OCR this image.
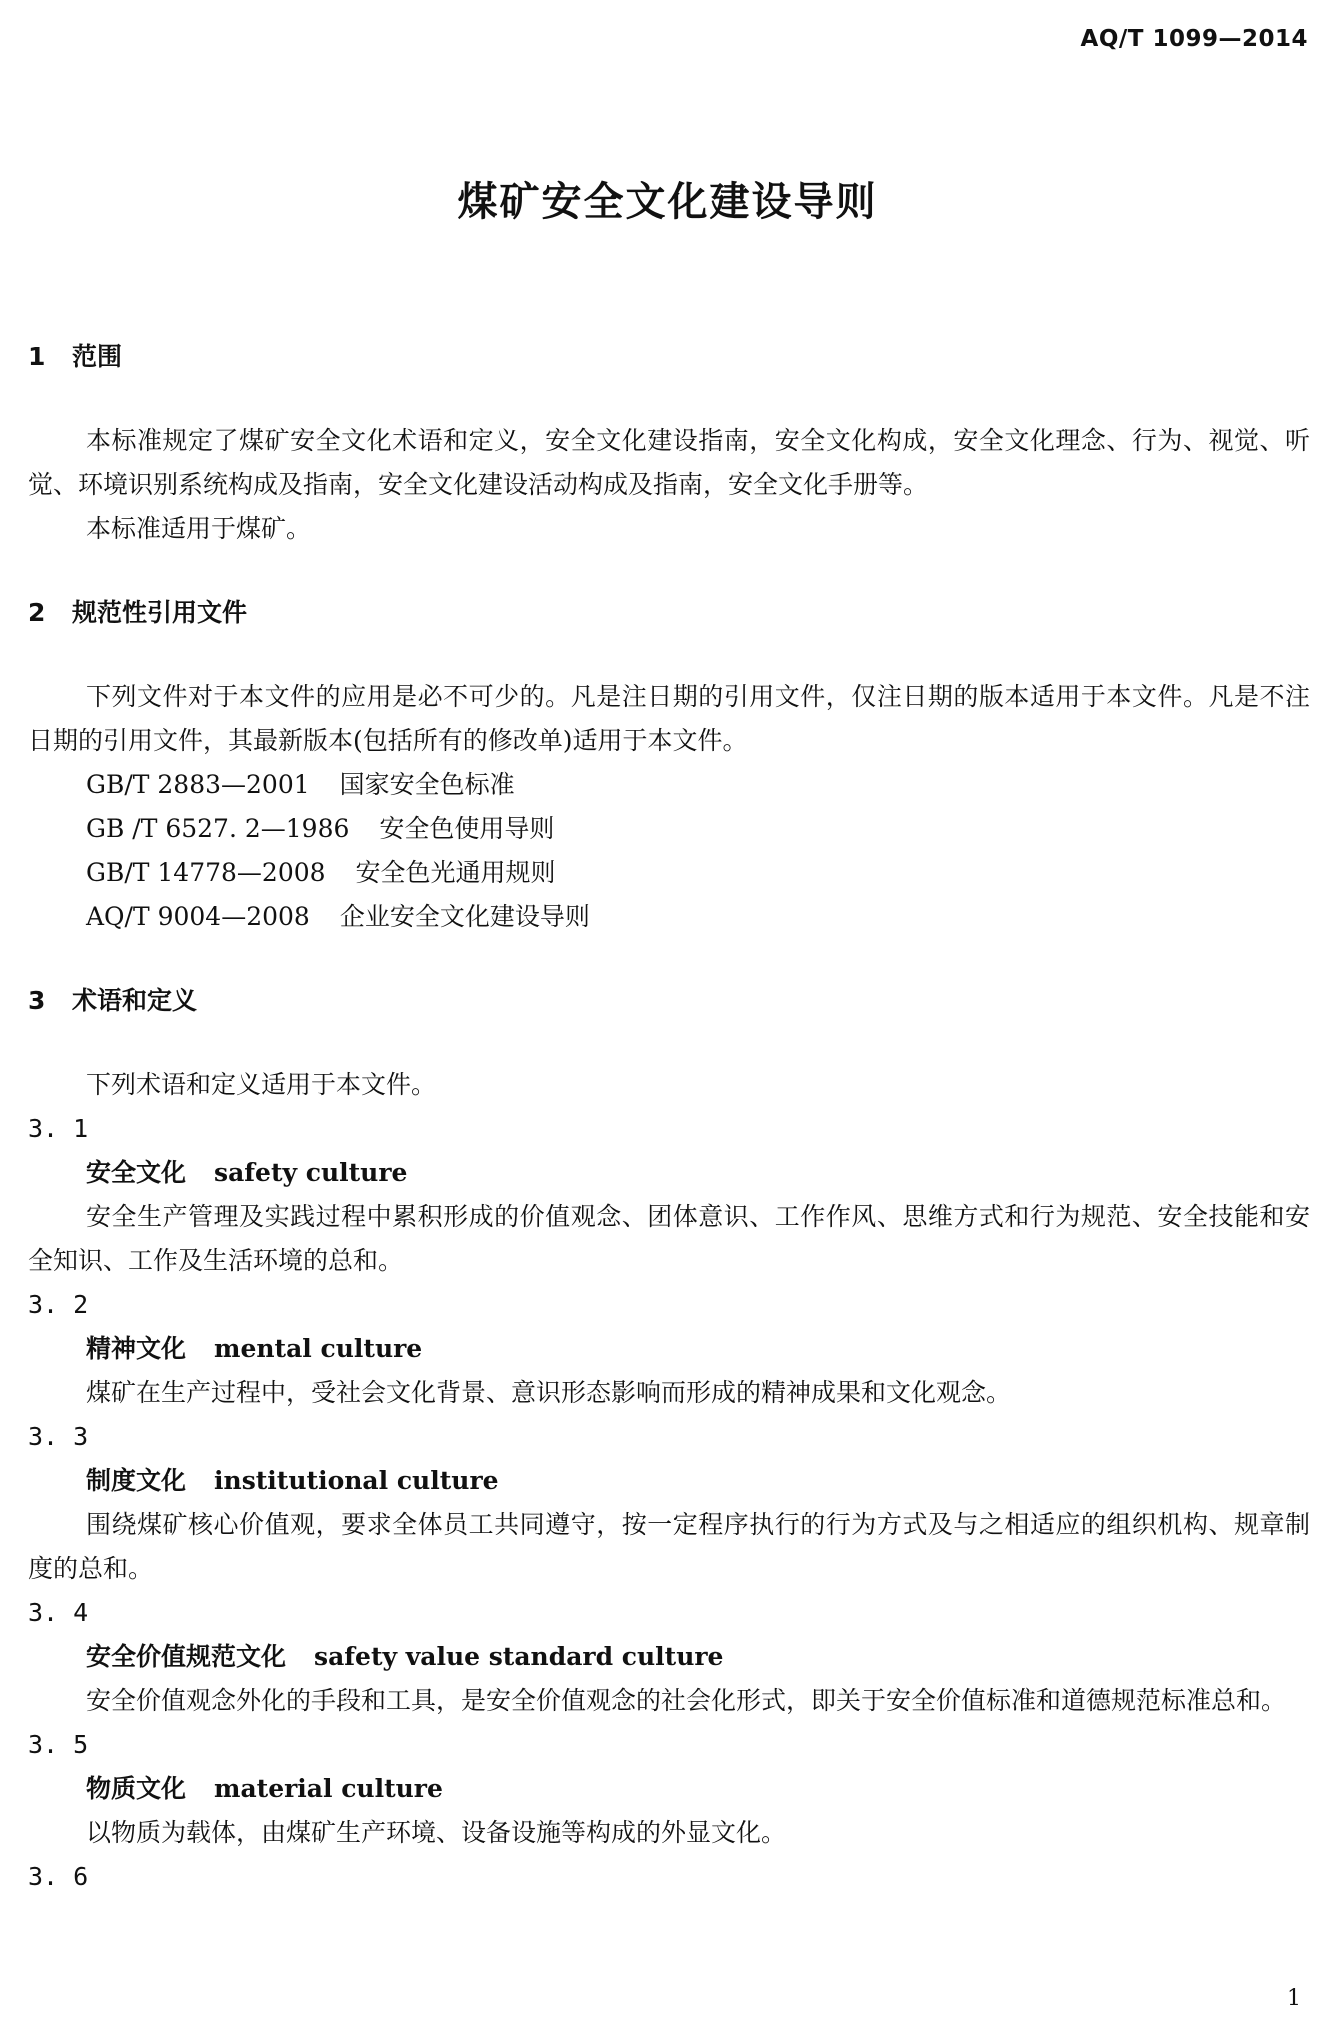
AQ/T 1099—2014
煤矿安全文化建设导则
1 范围

本标准规定了煤矿安全文化术语和定义，安全文化建设指南，安全文化构成，安全文化理念、行为、视觉、听觉、环境识别系统构成及指南，安全文化建设活动构成及指南，安全文化手册等。

本标准适用于煤矿。

2 规范性引用文件

下列文件对于本文件的应用是必不可少的。凡是注日期的引用文件，仅注日期的版本适用于本文件。凡是不注日期的引用文件，其最新版本(包括所有的修改单)适用于本文件。

GB/T 2883—2001 国家安全色标准

GB /T 6527. 2—1986 安全色使用导则

GB/T 14778—2008 安全色光通用规则

AQ/T 9004—2008 企业安全文化建设导则

3 术语和定义

下列术语和定义适用于本文件。

3. 1

安全文化 safety culture

安全生产管理及实践过程中累积形成的价值观念、团体意识、工作作风、思维方式和行为规范、安全技能和安全知识、工作及生活环境的总和。

3. 2

精神文化 mental culture

煤矿在生产过程中，受社会文化背景、意识形态影响而形成的精神成果和文化观念。

3. 3

制度文化 institutional culture

围绕煤矿核心价值观，要求全体员工共同遵守，按一定程序执行的行为方式及与之相适应的组织机构、规章制度的总和。

3. 4

安全价值规范文化 safety value standard culture

安全价值观念外化的手段和工具，是安全价值观念的社会化形式，即关于安全价值标准和道德规范标准总和。

3. 5

物质文化 material culture

以物质为载体，由煤矿生产环境、设备设施等构成的外显文化。

3. 6

1
